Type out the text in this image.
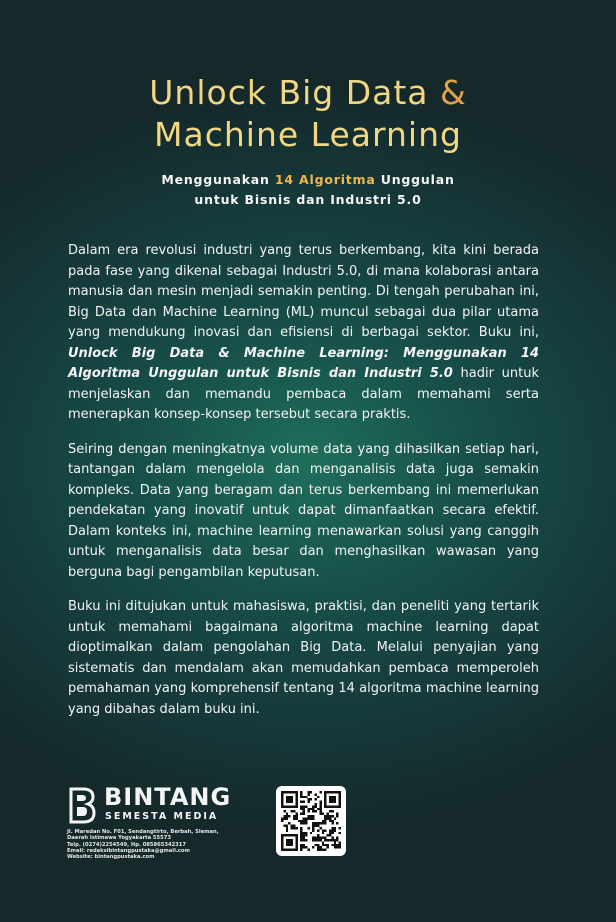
Unlock Big Data &
Machine Learning
Menggunakan 14 Algoritma Unggulan
untuk Bisnis dan Industri 5.0

Dalam era revolusi industri yang terus berkembang, kita kini berada pada fase yang dikenal sebagai Industri 5.0, di mana kolaborasi antara manusia dan mesin menjadi semakin penting. Di tengah perubahan ini, Big Data dan Machine Learning (ML) muncul sebagai dua pilar utama yang mendukung inovasi dan efisiensi di berbagai sektor. Buku ini, Unlock Big Data & Machine Learning: Menggunakan 14 Algoritma Unggulan untuk Bisnis dan Industri 5.0 hadir untuk menjelaskan dan memandu pembaca dalam memahami serta menerapkan konsep-konsep tersebut secara praktis.

Seiring dengan meningkatnya volume data yang dihasilkan setiap hari, tantangan dalam mengelola dan menganalisis data juga semakin kompleks. Data yang beragam dan terus berkembang ini memerlukan pendekatan yang inovatif untuk dapat dimanfaatkan secara efektif. Dalam konteks ini, machine learning menawarkan solusi yang canggih untuk menganalisis data besar dan menghasilkan wawasan yang berguna bagi pengambilan keputusan.

Buku ini ditujukan untuk mahasiswa, praktisi, dan peneliti yang tertarik untuk memahami bagaimana algoritma machine learning dapat dioptimalkan dalam pengolahan Big Data. Melalui penyajian yang sistematis dan mendalam akan memudahkan pembaca memperoleh pemahaman yang komprehensif tentang 14 algoritma machine learning yang dibahas dalam buku ini.

BINTANG
SEMESTA MEDIA
Jl. Maredan No. F01, Sendangtirto, Berbah, Sleman,
Daerah Istimewa Yogyakarta 55573
Telp. (0274)2254549, Hp. 085865342317
Email: redaksibintangpustaka@gmail.com
Website: bintangpustaka.com
